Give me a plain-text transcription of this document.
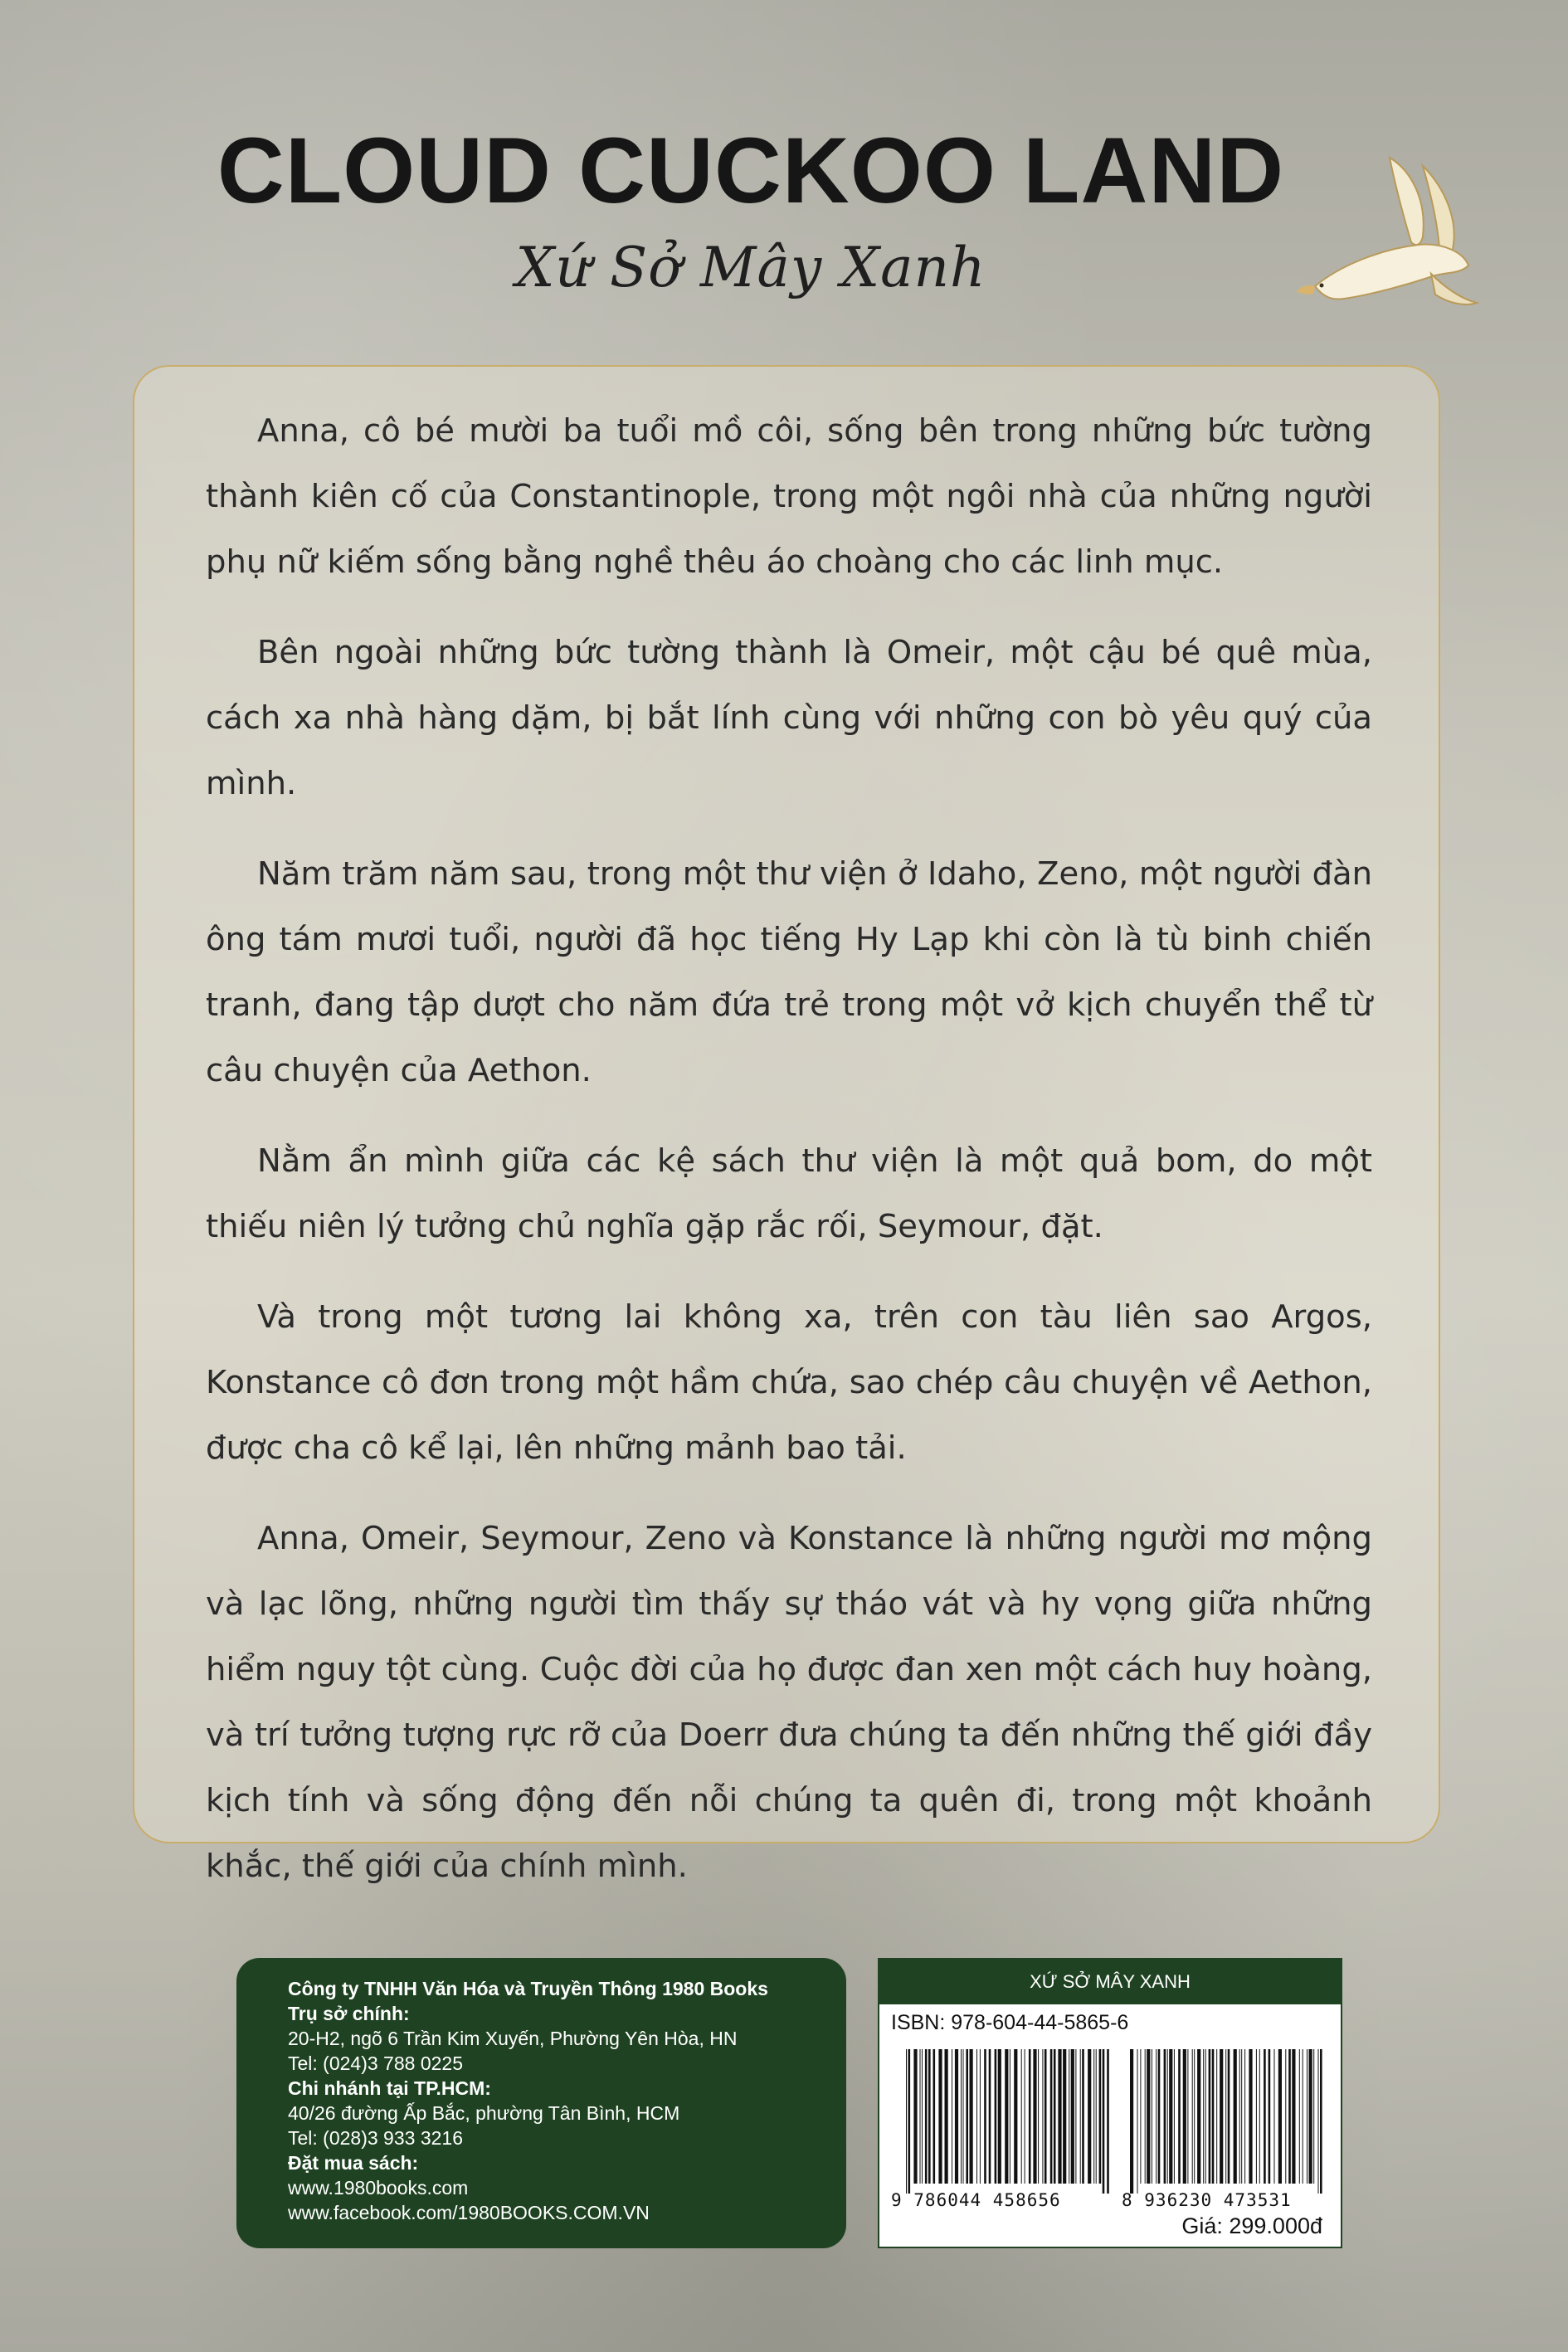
CLOUD CUCKOO LAND
Xứ Sở Mây Xanh

Anna, cô bé mười ba tuổi mồ côi, sống bên trong những bức tường thành kiên cố của Constantinople, trong một ngôi nhà của những người phụ nữ kiếm sống bằng nghề thêu áo choàng cho các linh mục.

Bên ngoài những bức tường thành là Omeir, một cậu bé quê mùa, cách xa nhà hàng dặm, bị bắt lính cùng với những con bò yêu quý của mình.

Năm trăm năm sau, trong một thư viện ở Idaho, Zeno, một người đàn ông tám mươi tuổi, người đã học tiếng Hy Lạp khi còn là tù binh chiến tranh, đang tập dượt cho năm đứa trẻ trong một vở kịch chuyển thể từ câu chuyện của Aethon.

Nằm ẩn mình giữa các kệ sách thư viện là một quả bom, do một thiếu niên lý tưởng chủ nghĩa gặp rắc rối, Seymour, đặt.

Và trong một tương lai không xa, trên con tàu liên sao Argos, Konstance cô đơn trong một hầm chứa, sao chép câu chuyện về Aethon, được cha cô kể lại, lên những mảnh bao tải.

Anna, Omeir, Seymour, Zeno và Konstance là những người mơ mộng và lạc lõng, những người tìm thấy sự tháo vát và hy vọng giữa những hiểm nguy tột cùng. Cuộc đời của họ được đan xen một cách huy hoàng, và trí tưởng tượng rực rỡ của Doerr đưa chúng ta đến những thế giới đầy kịch tính và sống động đến nỗi chúng ta quên đi, trong một khoảnh khắc, thế giới của chính mình.

Công ty TNHH Văn Hóa và Truyền Thông 1980 Books
Trụ sở chính:
20-H2, ngõ 6 Trần Kim Xuyến, Phường Yên Hòa, HN
Tel: (024)3 788 0225
Chi nhánh tại TP.HCM:
40/26 đường Ấp Bắc, phường Tân Bình, HCM
Tel: (028)3 933 3216
Đặt mua sách:
www.1980books.com
www.facebook.com/1980BOOKS.COM.VN
XỨ SỞ MÂY XANH
ISBN: 978-604-44-5865-6
9 786044 458656	8 936230 473531
Giá: 299.000đ
